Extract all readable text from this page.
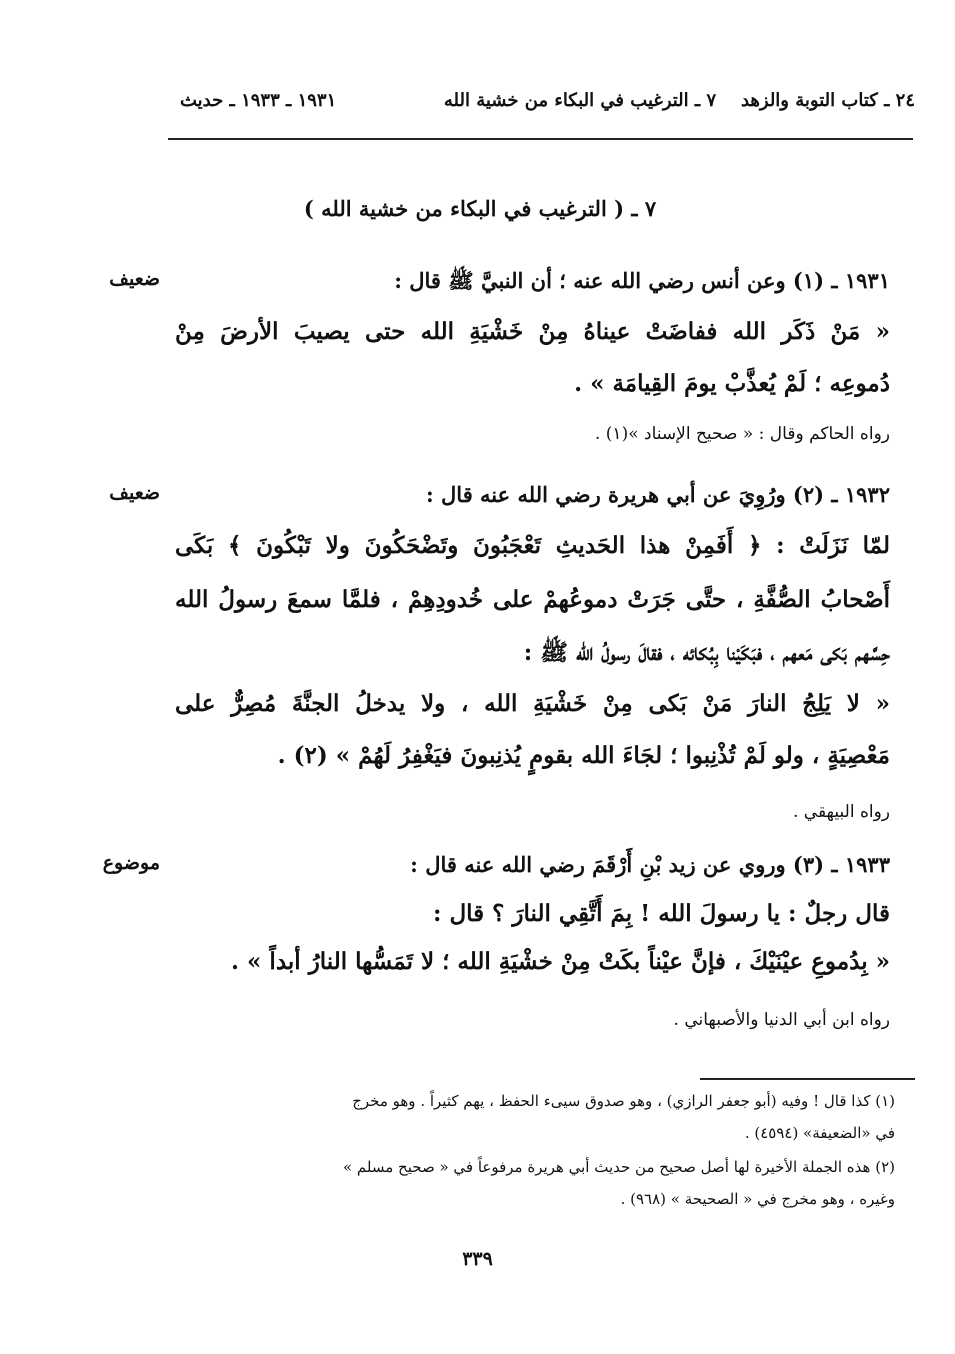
٢٤ ـ كتاب التوبة والزهد
٧ ـ الترغيب في البكاء من خشية الله
١٩٣١ ـ ١٩٣٣ ـ حديث
٧ ـ ( الترغيب في البكاء من خشية الله )
ضعيف	١٩٣١ ـ (١) وعن أنس رضي الله عنه ؛ أن النبيَّ ﷺ قال :
« مَنْ ذَكَر الله ففاضَتْ عيناهُ مِنْ خَشْيَةِ الله حتى يصيبَ الأرضَ مِنْ
دُموعِه ؛ لَمْ يُعذَّبْ يومَ القِيامَة » .
رواه الحاكم وقال : « صحيح الإسناد »(١) .
ضعيف	١٩٣٢ ـ (٢) ورُوِيَ عن أبي هريرة رضي الله عنه قال :
لمّا نَزَلَتْ : ﴿ أَفَمِنْ هذا الحَديثِ تَعْجَبُونَ وتَضْحَكُونَ ولا تَبْكُونَ ﴾ بَكَى
أَصْحابُ الصُّفَّةِ ، حتَّى جَرَتْ دموعُهمْ على خُدودِهِمْ ، فلمَّا سمعَ رسولُ الله
حِسَّهم بَكى مَعهم ، فبَكَيْنا بِبُكائه ، فقالَ رسولُ الله ﷺ :
« لا يَلِجُ النارَ مَنْ بَكى مِنْ خَشْيَةِ الله ، ولا يدخلُ الجنَّةَ مُصِرٌّ على
مَعْصِيَةٍ ، ولو لَمْ تُذْنِبوا ؛ لجَاءَ الله بقومٍ يُذنِبونَ فيَغْفِرُ لَهُمْ » (٢) .
رواه البيهقي .
موضوع	١٩٣٣ ـ (٣) وروي عن زيد بْنِ أَرْقَمَ رضي الله عنه قال :
قال رجلٌ : يا رسولَ الله ! بِمَ أَتَّقِي النارَ ؟ قال :
« بِدُموعِ عيْنَيْكَ ، فإنَّ عيْناً بكَتْ مِنْ خشْيَةِ الله ؛ لا تَمَسُّها النارُ أبداً » .
رواه ابن أبي الدنيا والأصبهاني .
(١) كذا قال ! وفيه (أبو جعفر الرازي) ، وهو صدوق سيىء الحفظ ، يهم كثيراً . وهو مخرج
في «الضعيفة» (٤٥٩٤) .
(٢) هذه الجملة الأخيرة لها أصل صحيح من حديث أبي هريرة مرفوعاً في « صحيح مسلم »
وغيره ، وهو مخرج في « الصحيحة » (٩٦٨) .
٣٣٩
